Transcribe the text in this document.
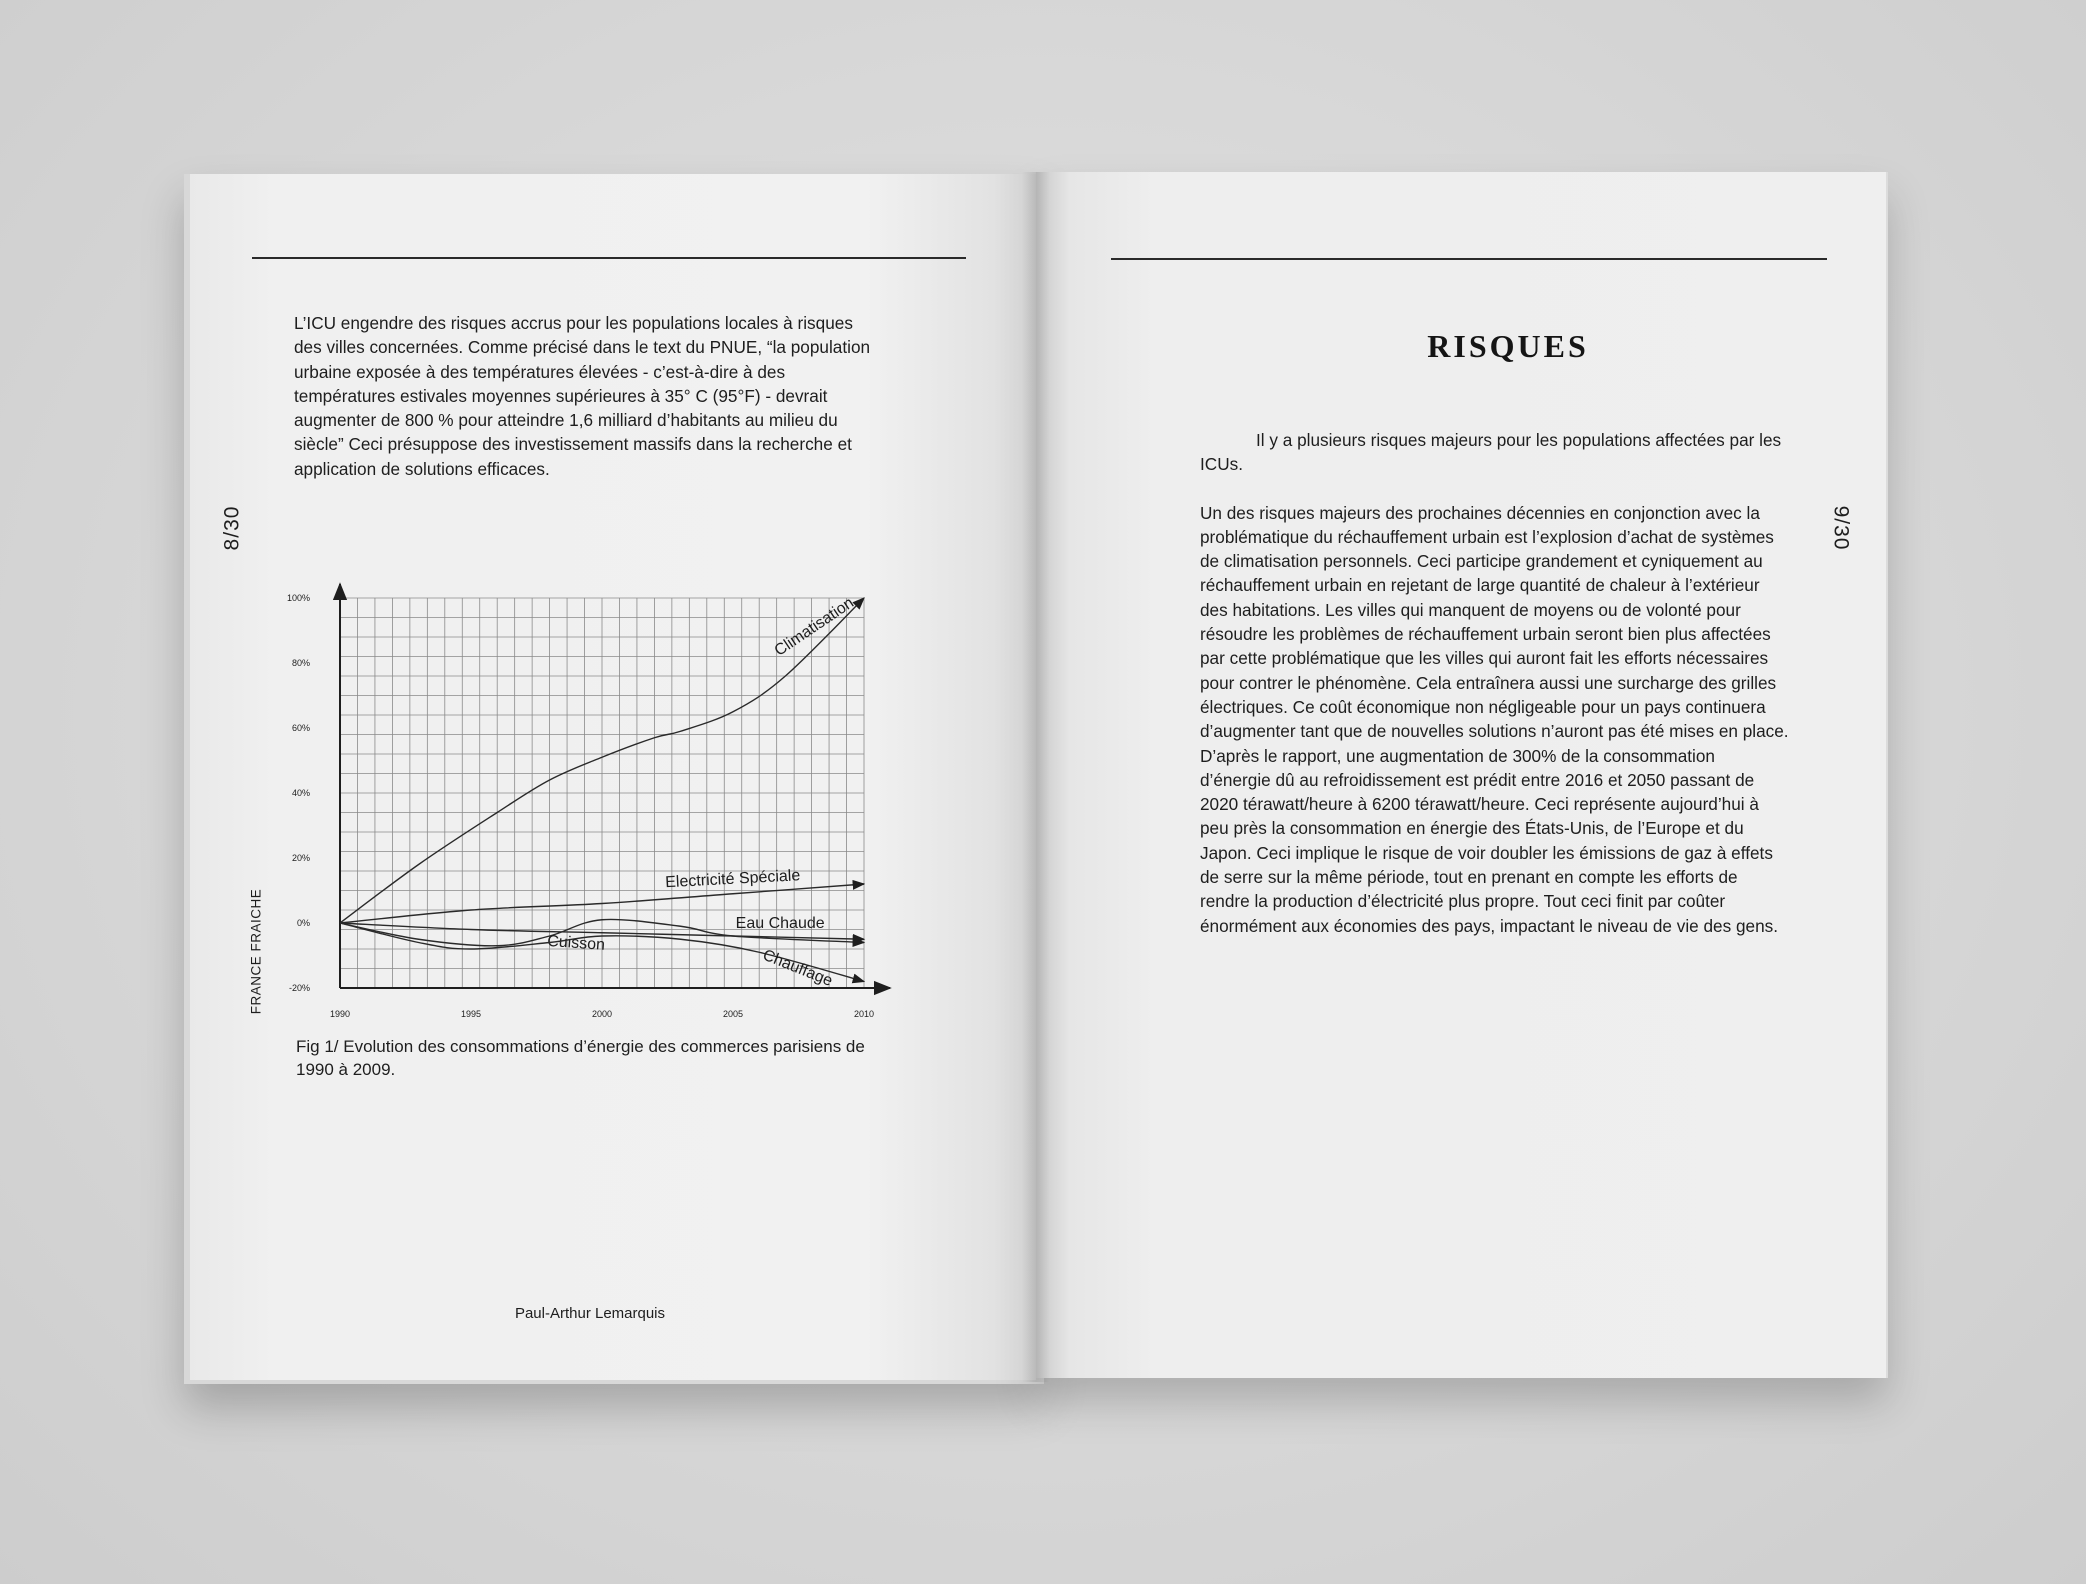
L’ICU engendre des risques accrus pour les populations locales à risques des villes concernées. Comme précisé dans le text du PNUE, “la population urbaine exposée à des températures élevées - c’est-à-dire à des températures estivales moyennes supérieures à 35° C (95°F) - devrait augmenter de 800 % pour atteindre 1,6 milliard d’habitants au milieu du siècle” Ceci présuppose des investissement massifs dans la recherche et application de solutions efficaces.

8/30
FRANCE FRAICHE	1990	1995	2000	2005	2010
-20%
0%
20%
40%
60%
80%
100%	Climatisation
Electricité Spéciale
Eau Chaude
Cuisson
Chauffage
Fig 1/ Evolution des consommations d’énergie des commerces parisiens de 1990 à 2009.
Paul-Arthur Lemarquis
RISQUES

Il y a plusieurs risques majeurs pour les populations affectées par les ICUs.

Un des risques majeurs des prochaines décennies en conjonction avec la problématique du réchauffement urbain est l’explosion d’achat de systèmes de climatisation personnels. Ceci participe grandement et cyniquement au réchauffement urbain en rejetant de large quantité de chaleur à l’extérieur des habitations. Les villes qui manquent de moyens ou de volonté pour résoudre les problèmes de réchauffement urbain seront bien plus affectées par cette problématique que les villes qui auront fait les efforts nécessaires pour contrer le phénomène. Cela entraînera aussi une surcharge des grilles électriques. Ce coût économique non négligeable pour un pays continuera d’augmenter tant que de nouvelles solutions n’auront pas été mises en place. D’après le rapport, une augmentation de 300% de la consommation d’énergie dû au refroidissement est prédit entre 2016 et 2050 passant de 2020 térawatt/heure à 6200 térawatt/heure. Ceci représente aujourd’hui à peu près la consommation en énergie des États-Unis, de l’Europe et du Japon. Ceci implique le risque de voir doubler les émissions de gaz à effets de serre sur la même période, tout en prenant en compte les efforts de rendre la production d’électricité plus propre. Tout ceci finit par coûter énormément aux économies des pays, impactant le niveau de vie des gens.

9/30
